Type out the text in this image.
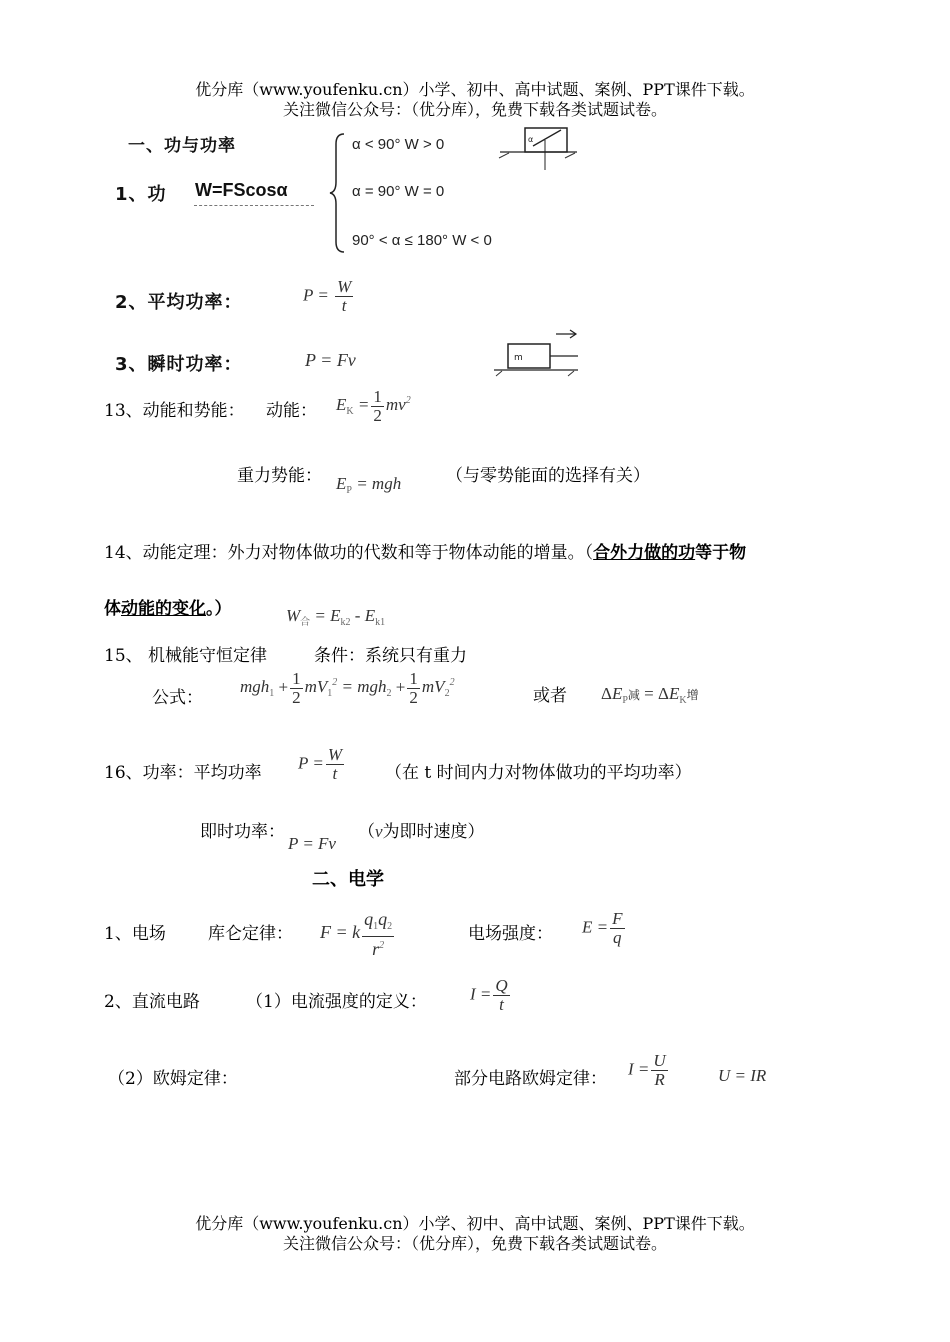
优分库（www.youfenku.cn）小学、初中、高中试题、案例、PPT课件下载。
关注微信公众号：（优分库），免费下载各类试题试卷。
一、功与功率
1、功 W=FScosα
α < 90° W > 0
α = 90° W = 0
90° < α ≤ 180° W < 0
α
2、平均功率：	$P = \frac{W}{t}$
3、瞬时功率：	P = Fv	m
13、动能和势能： 动能： $E_K = \frac{1}{2} mv^2$
重力势能： $E_P$ = mgh	（与零势能面的选择有关）
14、动能定理：外力对物体做功的代数和等于物体动能的增量。（合外力做的功等于物
体动能的变化。）	$W_合 = E_{k2} - E_{k1}$
15、 机械能守恒定律	条件：系统只有重力
公式：
$mgh_1 + \frac{1}{2} mV_1^2 = mgh_2 + \frac{1}{2} mV_2^2$
或者 $\Delta E_P$减 = $\Delta E_K$增
16、功率：平均功率
$P = \frac{W}{t}$ （在 t 时间内力对物体做功的平均功率）
即时功率：
P = Fv
（v为即时速度）
二、电学
1、电场 库仑定律： F = k $\frac{q_1q_2}{r^2}$	电场强度： $E = \frac{F}{q}$
2、直流电路	（1）电流强度的定义：	$I = \frac{Q}{t}$
（2）欧姆定律：	部分电路欧姆定律：
$I = \frac{U}{R}$	U = IR
优分库（www.youfenku.cn）小学、初中、高中试题、案例、PPT课件下载。
关注微信公众号：（优分库），免费下载各类试题试卷。
